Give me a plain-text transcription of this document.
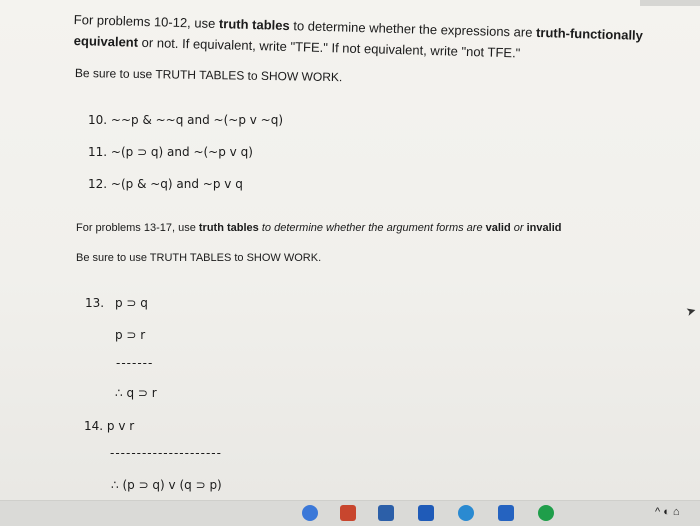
For problems 10-12, use truth tables to determine whether the expressions are truth-functionally
equivalent or not. If equivalent, write "TFE." If not equivalent, write "not TFE."
Be sure to use TRUTH TABLES to SHOW WORK.
10. ~~p & ~~q and ~(~p v ~q)
11. ~(p ⊃ q) and ~(~p v q)
12. ~(p & ~q) and ~p v q
For problems 13-17, use truth tables to determine whether the argument forms are valid or invalid
Be sure to use TRUTH TABLES to SHOW WORK.
13. p ⊃ q
p ⊃ r
-------
∴ q ⊃ r
14. p v r
---------------------
∴ (p ⊃ q) v (q ⊃ p)
➤
^ ◐ ⌂
